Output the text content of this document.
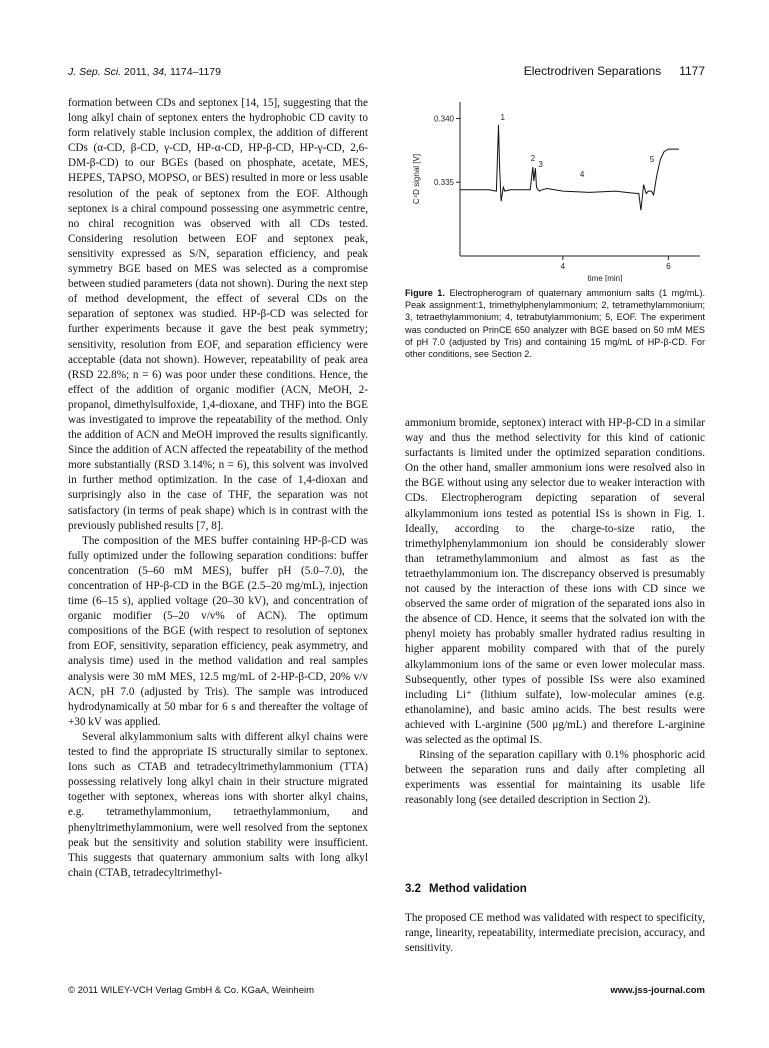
J. Sep. Sci. 2011, 34, 1174–1179	Electrodriven Separations 1177

formation between CDs and septonex [14, 15], suggesting that the long alkyl chain of septonex enters the hydrophobic CD cavity to form relatively stable inclusion complex, the addition of different CDs (α-CD, β-CD, γ-CD, HP-α-CD, HP-β-CD, HP-γ-CD, 2,6-DM-β-CD) to our BGEs (based on phosphate, acetate, MES, HEPES, TAPSO, MOPSO, or BES) resulted in more or less usable resolution of the peak of septonex from the EOF. Although septonex is a chiral compound possessing one asymmetric centre, no chiral recognition was observed with all CDs tested. Considering resolution between EOF and septonex peak, sensitivity expressed as S/N, separation efficiency, and peak symmetry BGE based on MES was selected as a compromise between studied parameters (data not shown). During the next step of method development, the effect of several CDs on the separation of septonex was studied. HP-β-CD was selected for further experiments because it gave the best peak symmetry; sensitivity, resolution from EOF, and separation efficiency were acceptable (data not shown). However, repeatability of peak area (RSD 22.8%; n = 6) was poor under these conditions. Hence, the effect of the addition of organic modifier (ACN, MeOH, 2-propanol, dimethylsulfoxide, 1,4-dioxane, and THF) into the BGE was investigated to improve the repeatability of the method. Only the addition of ACN and MeOH improved the results significantly. Since the addition of ACN affected the repeatability of the method more substantially (RSD 3.14%; n = 6), this solvent was involved in further method optimization. In the case of 1,4-dioxan and surprisingly also in the case of THF, the separation was not satisfactory (in terms of peak shape) which is in contrast with the previously published results [7, 8].

The composition of the MES buffer containing HP-β-CD was fully optimized under the following separation conditions: buffer concentration (5–60 mM MES), buffer pH (5.0–7.0), the concentration of HP-β-CD in the BGE (2.5–20 mg/mL), injection time (6–15 s), applied voltage (20–30 kV), and concentration of organic modifier (5–20 v/v% of ACN). The optimum compositions of the BGE (with respect to resolution of septonex from EOF, sensitivity, separation efficiency, peak asymmetry, and analysis time) used in the method validation and real samples analysis were 30 mM MES, 12.5 mg/mL of 2-HP-β-CD, 20% v/v ACN, pH 7.0 (adjusted by Tris). The sample was introduced hydrodynamically at 50 mbar for 6 s and thereafter the voltage of +30 kV was applied.

Several alkylammonium salts with different alkyl chains were tested to find the appropriate IS structurally similar to septonex. Ions such as CTAB and tetradecyltrimethylammonium (TTA) possessing relatively long alkyl chain in their structure migrated together with septonex, whereas ions with shorter alkyl chains, e.g. tetramethylammonium, tetraethylammonium, and phenyltrimethylammonium, were well resolved from the septonex peak but the sensitivity and solution stability were insufficient. This suggests that quaternary ammonium salts with long alkyl chain (CTAB, tetradecyltrimethyl-

4	6
0.335
0.340
time [min]
C⁴D signal [V]
1
2
3
4
5
Figure 1. Electropherogram of quaternary ammonium salts (1 mg/mL). Peak assignment:1, trimethylphenylammonium; 2, tetramethylammonium; 3, tetraethylammonium; 4, tetrabutylammonium; 5, EOF. The experiment was conducted on PrinCE 650 analyzer with BGE based on 50 mM MES of pH 7.0 (adjusted by Tris) and containing 15 mg/mL of HP-β-CD. For other conditions, see Section 2.

ammonium bromide, septonex) interact with HP-β-CD in a similar way and thus the method selectivity for this kind of cationic surfactants is limited under the optimized separation conditions. On the other hand, smaller ammonium ions were resolved also in the BGE without using any selector due to weaker interaction with CDs. Electropherogram depicting separation of several alkylammonium ions tested as potential ISs is shown in Fig. 1. Ideally, according to the charge-to-size ratio, the trimethylphenylammonium ion should be considerably slower than tetramethylammonium and almost as fast as the tetraethylammonium ion. The discrepancy observed is presumably not caused by the interaction of these ions with CD since we observed the same order of migration of the separated ions also in the absence of CD. Hence, it seems that the solvated ion with the phenyl moiety has probably smaller hydrated radius resulting in higher apparent mobility compared with that of the purely alkylammonium ions of the same or even lower molecular mass. Subsequently, other types of possible ISs were also examined including Li⁺ (lithium sulfate), low-molecular amines (e.g. ethanolamine), and basic amino acids. The best results were achieved with L-arginine (500 μg/mL) and therefore L-arginine was selected as the optimal IS.

Rinsing of the separation capillary with 0.1% phosphoric acid between the separation runs and daily after completing all experiments was essential for maintaining its usable life reasonably long (see detailed description in Section 2).

3.2 Method validation

The proposed CE method was validated with respect to specificity, range, linearity, repeatability, intermediate precision, accuracy, and sensitivity.

© 2011 WILEY-VCH Verlag GmbH & Co. KGaA, Weinheim	www.jss-journal.com
